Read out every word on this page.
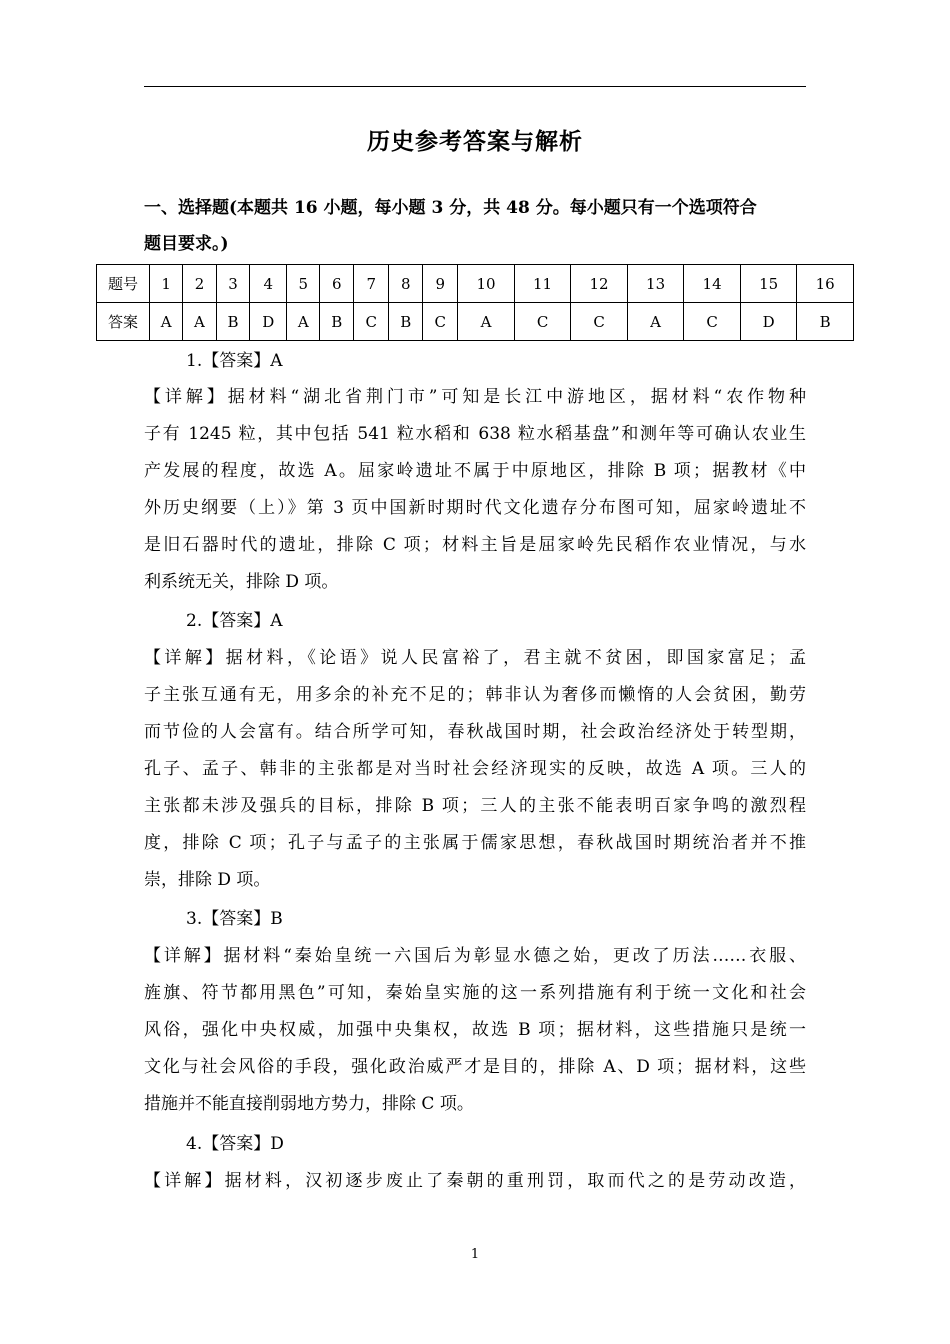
历史参考答案与解析
一、选择题(本题共 16 小题，每小题 3 分，共 48 分。每小题只有一个选项符合
题目要求。)
题号	1	2	3	4	5	6	7	8	9	10	11	12	13	14	15	16
答案	A	A	B	D	A	B	C	B	C	A	C	C	A	C	D	B
1.【答案】A
【详解】据材料“湖北省荆门市”可知是长江中游地区，据材料“农作物种
子有 1245 粒，其中包括 541 粒水稻和 638 粒水稻基盘”和测年等可确认农业生
产发展的程度，故选 A。屈家岭遗址不属于中原地区，排除 B 项；据教材《中
外历史纲要（上）》第 3 页中国新时期时代文化遗存分布图可知，屈家岭遗址不
是旧石器时代的遗址，排除 C 项；材料主旨是屈家岭先民稻作农业情况，与水
利系统无关，排除 D 项。
2.【答案】A
【详解】据材料，《论语》说人民富裕了，君主就不贫困，即国家富足；孟
子主张互通有无，用多余的补充不足的；韩非认为奢侈而懒惰的人会贫困，勤劳
而节俭的人会富有。结合所学可知，春秋战国时期，社会政治经济处于转型期，
孔子、孟子、韩非的主张都是对当时社会经济现实的反映，故选 A 项。三人的
主张都未涉及强兵的目标，排除 B 项；三人的主张不能表明百家争鸣的激烈程
度，排除 C 项；孔子与孟子的主张属于儒家思想，春秋战国时期统治者并不推
崇，排除 D 项。
3.【答案】B
【详解】据材料“秦始皇统一六国后为彰显水德之始，更改了历法……衣服、
旌旗、符节都用黑色”可知，秦始皇实施的这一系列措施有利于统一文化和社会
风俗，强化中央权威，加强中央集权，故选 B 项；据材料，这些措施只是统一
文化与社会风俗的手段，强化政治威严才是目的，排除 A、D 项；据材料，这些
措施并不能直接削弱地方势力，排除 C 项。
4.【答案】D
【详解】据材料，汉初逐步废止了秦朝的重刑罚，取而代之的是劳动改造，
1
